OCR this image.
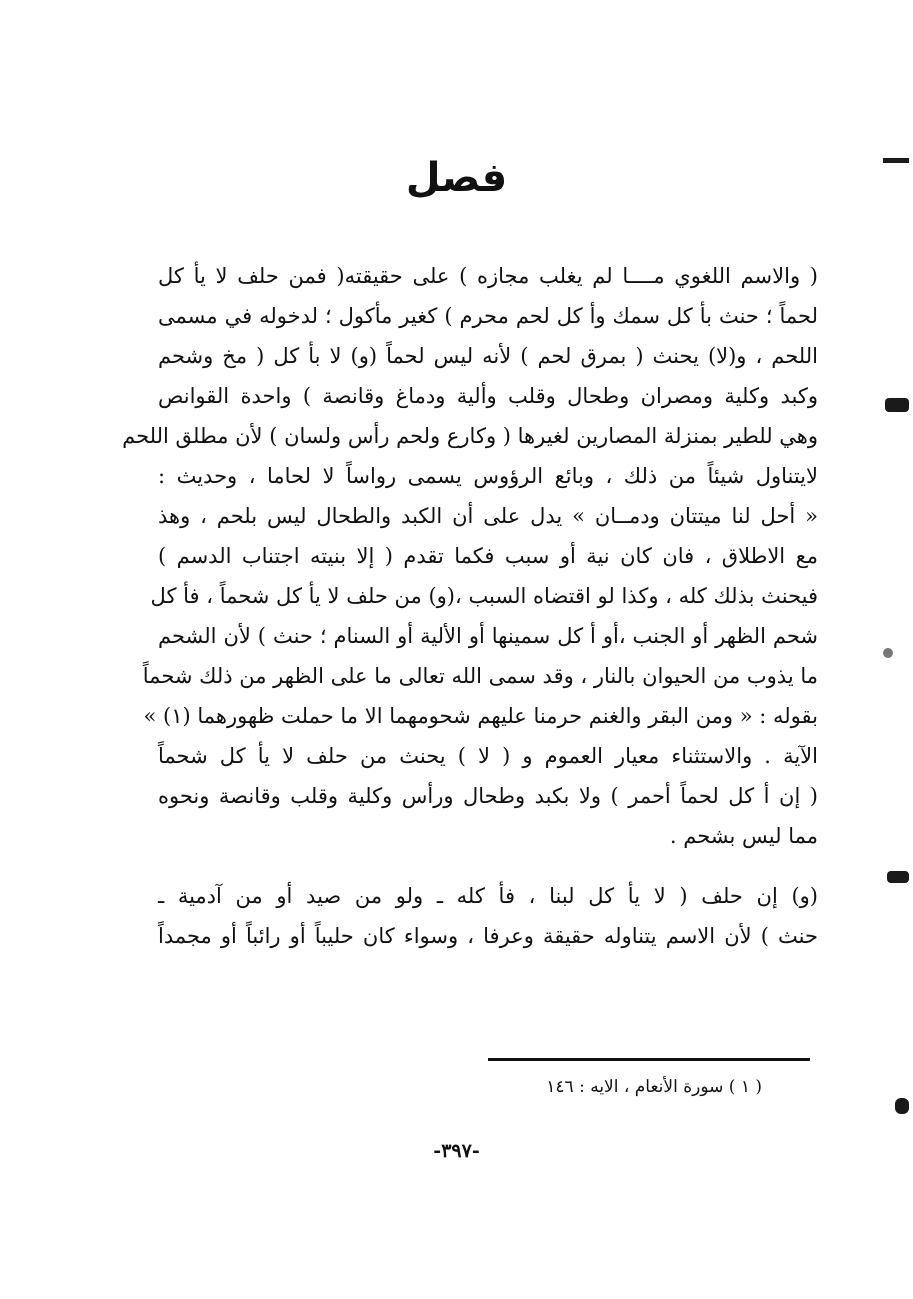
فصل
( والاسم اللغوي مــــا لم يغلب مجازه ) على حقيقته( فمن حلف لا يأ كل
لحماً ؛ حنث بأ كل سمك وأ كل لحم محرم ) كغير مأكول ؛ لدخوله في مسمى
اللحم ، و(لا) يحنث ( بمرق لحم ) لأنه ليس لحماً (و) لا بأ كل ( مخ وشحم
وكبد وكلية ومصران وطحال وقلب وألية ودماغ وقانصة ) واحدة القوانص
وهي للطير بمنزلة المصارين لغيرها ( وكارع ولحم رأس ولسان ) لأن مطلق اللحم
لايتناول شيئاً من ذلك ، وبائع الرؤوس يسمى رواساً لا لحاما ، وحديث :
« أحل لنا ميتتان ودمــان » يدل على أن الكبد والطحال ليس بلحم ، وهذ
مع الاطلاق ، فان كان نية أو سبب فكما تقدم ( إلا بنيته اجتناب الدسم )
فيحنث بذلك كله ، وكذا لو اقتضاه السبب ،(و) من حلف لا يأ كل شحماً ، فأ كل
شحم الظهر أو الجنب ،أو أ كل سمينها أو الألية أو السنام ؛ حنث ) لأن الشحم
ما يذوب من الحيوان بالنار ، وقد سمى الله تعالى ما على الظهر من ذلك شحماً
بقوله : « ومن البقر والغنم حرمنا عليهم شحومهما الا ما حملت ظهورهما (١) »
الآية . والاستثناء معيار العموم و ( لا ) يحنث من حلف لا يأ كل شحماً
( إن أ كل لحماً أحمر ) ولا بكبد وطحال ورأس وكلية وقلب وقانصة ونحوه
مما ليس بشحم .
(و) إن حلف ( لا يأ كل لبنا ، فأ كله ـ ولو من صيد أو من آدمية ـ
حنث ) لأن الاسم يتناوله حقيقة وعرفا ، وسواء كان حليباً أو رائباً أو مجمداً
( ١ ) سورة الأنعام ، الايه : ١٤٦
-٣٩٧-
